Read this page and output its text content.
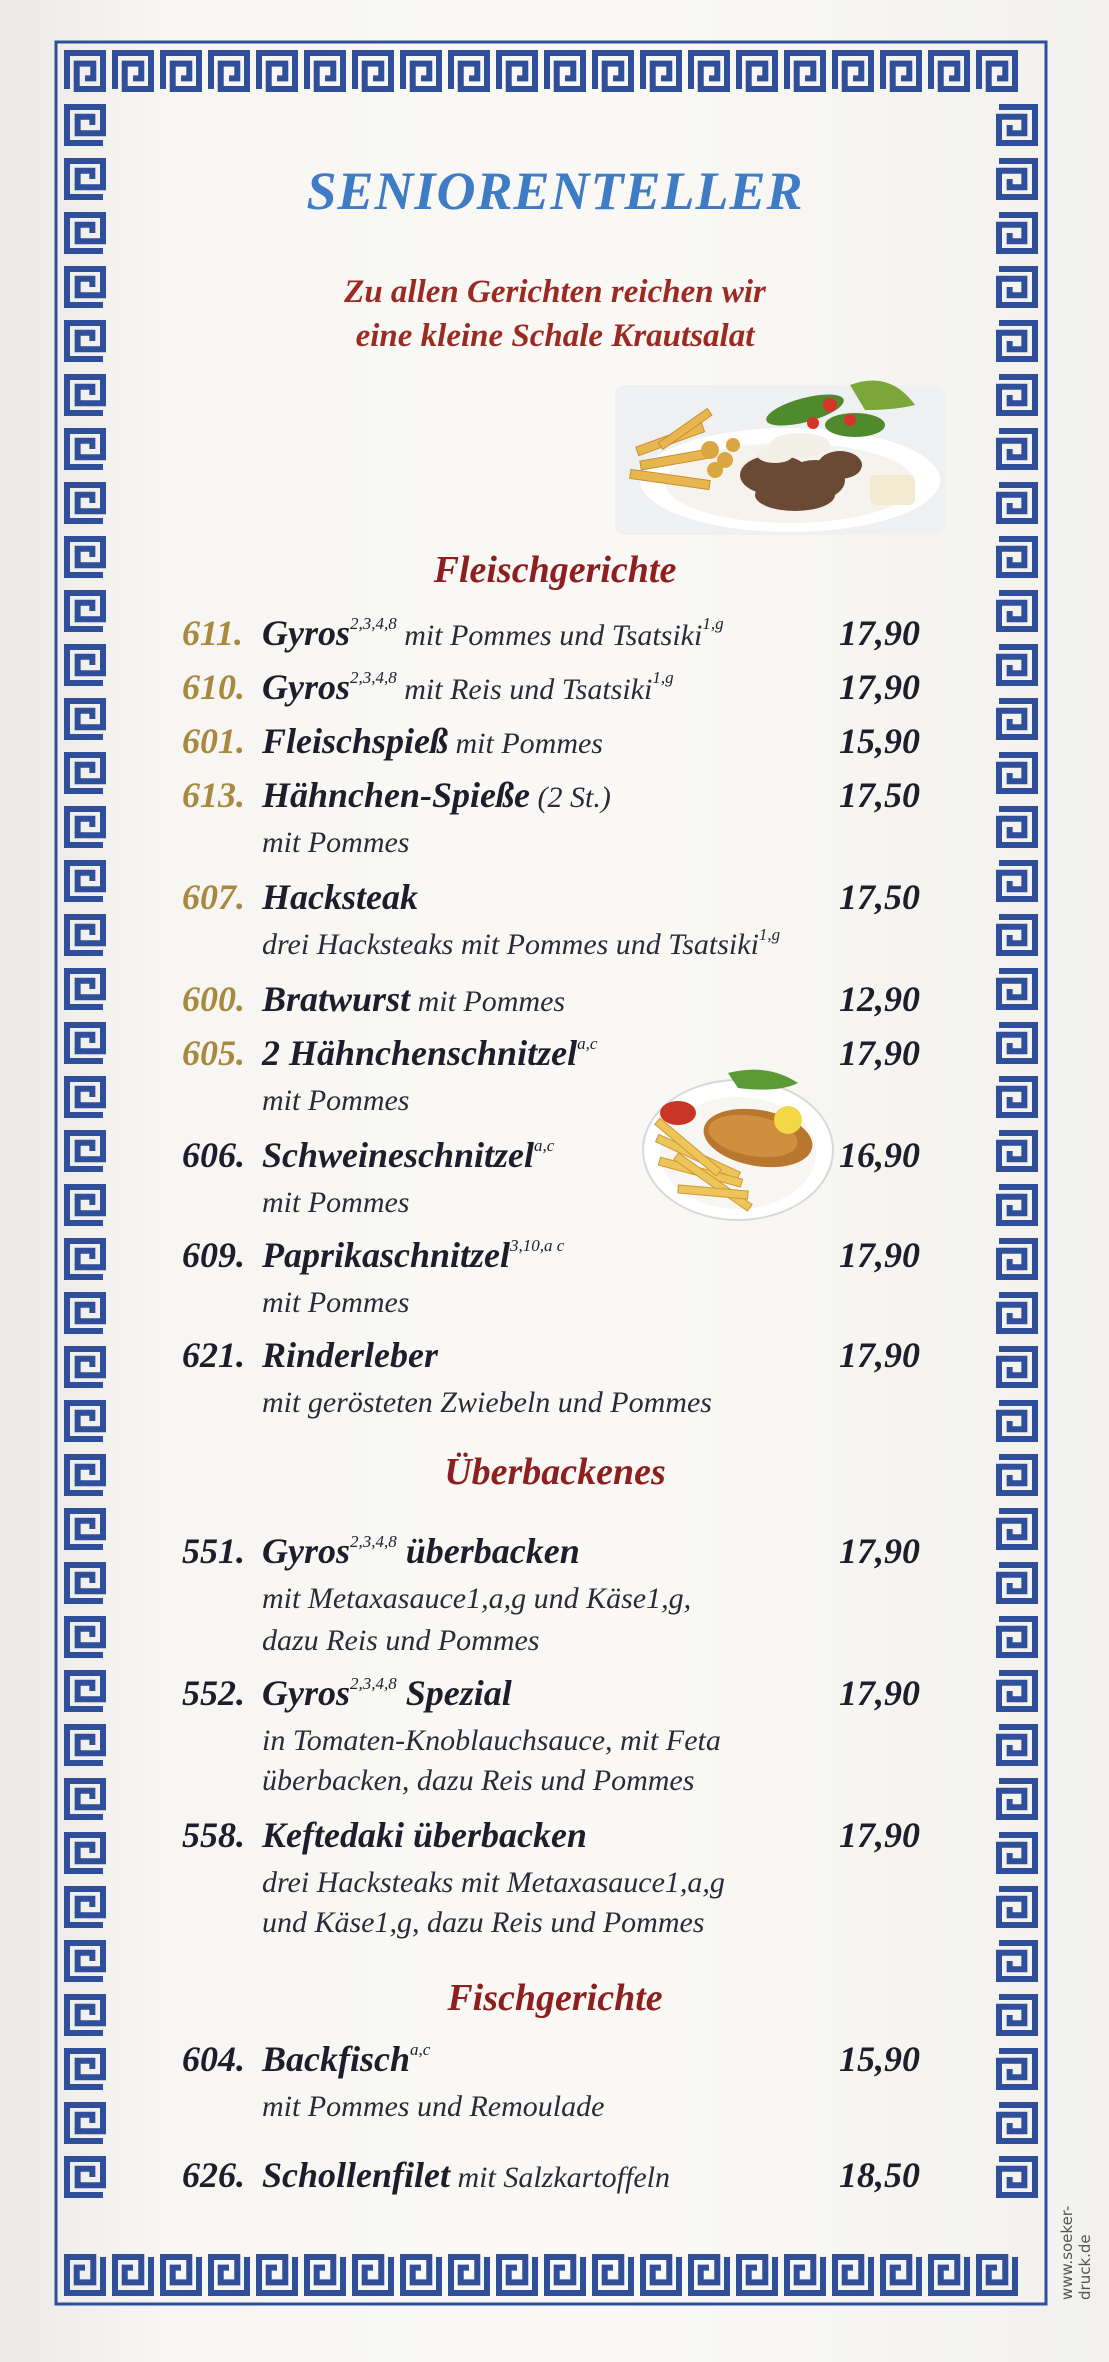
SENIORENTELLER
Zu allen Gerichten reichen wir
eine kleine Schale Krautsalat
Fleischgerichte
611. Gyros$^{2,3,4,8}$ mit Pommes und Tsatsiki$^{1,g}$	17,90
610. Gyros$^{2,3,4,8}$ mit Reis und Tsatsiki$^{1,g}$	17,90
601. Fleischspieß mit Pommes	15,90
613. Hähnchen-Spieße (2 St.)	17,50
mit Pommes
607. Hacksteak	17,50
drei Hacksteaks mit Pommes und Tsatsiki$^{1,g}$
600. Bratwurst mit Pommes	12,90
605. 2 Hähnchenschnitzel$^{a,c}$	17,90
mit Pommes
606. Schweineschnitzel$^{a,c}$	16,90
mit Pommes
609. Paprikaschnitzel$^{3,10,a c}$	17,90
mit Pommes
621. Rinderleber	17,90
mit gerösteten Zwiebeln und Pommes
Überbackenes
551. Gyros$^{2,3,4,8}$ überbacken	17,90
mit Metaxasauce1,a,g und Käse1,g,
dazu Reis und Pommes
552. Gyros$^{2,3,4,8}$ Spezial	17,90
in Tomaten-Knoblauchsauce, mit Feta
überbacken, dazu Reis und Pommes
558. Keftedaki überbacken	17,90
drei Hacksteaks mit Metaxasauce1,a,g
und Käse1,g, dazu Reis und Pommes
Fischgerichte
604. Backfisch$^{a,c}$	15,90
mit Pommes und Remoulade
626. Schollenfilet mit Salzkartoffeln	18,50
www.soeker-druck.de
